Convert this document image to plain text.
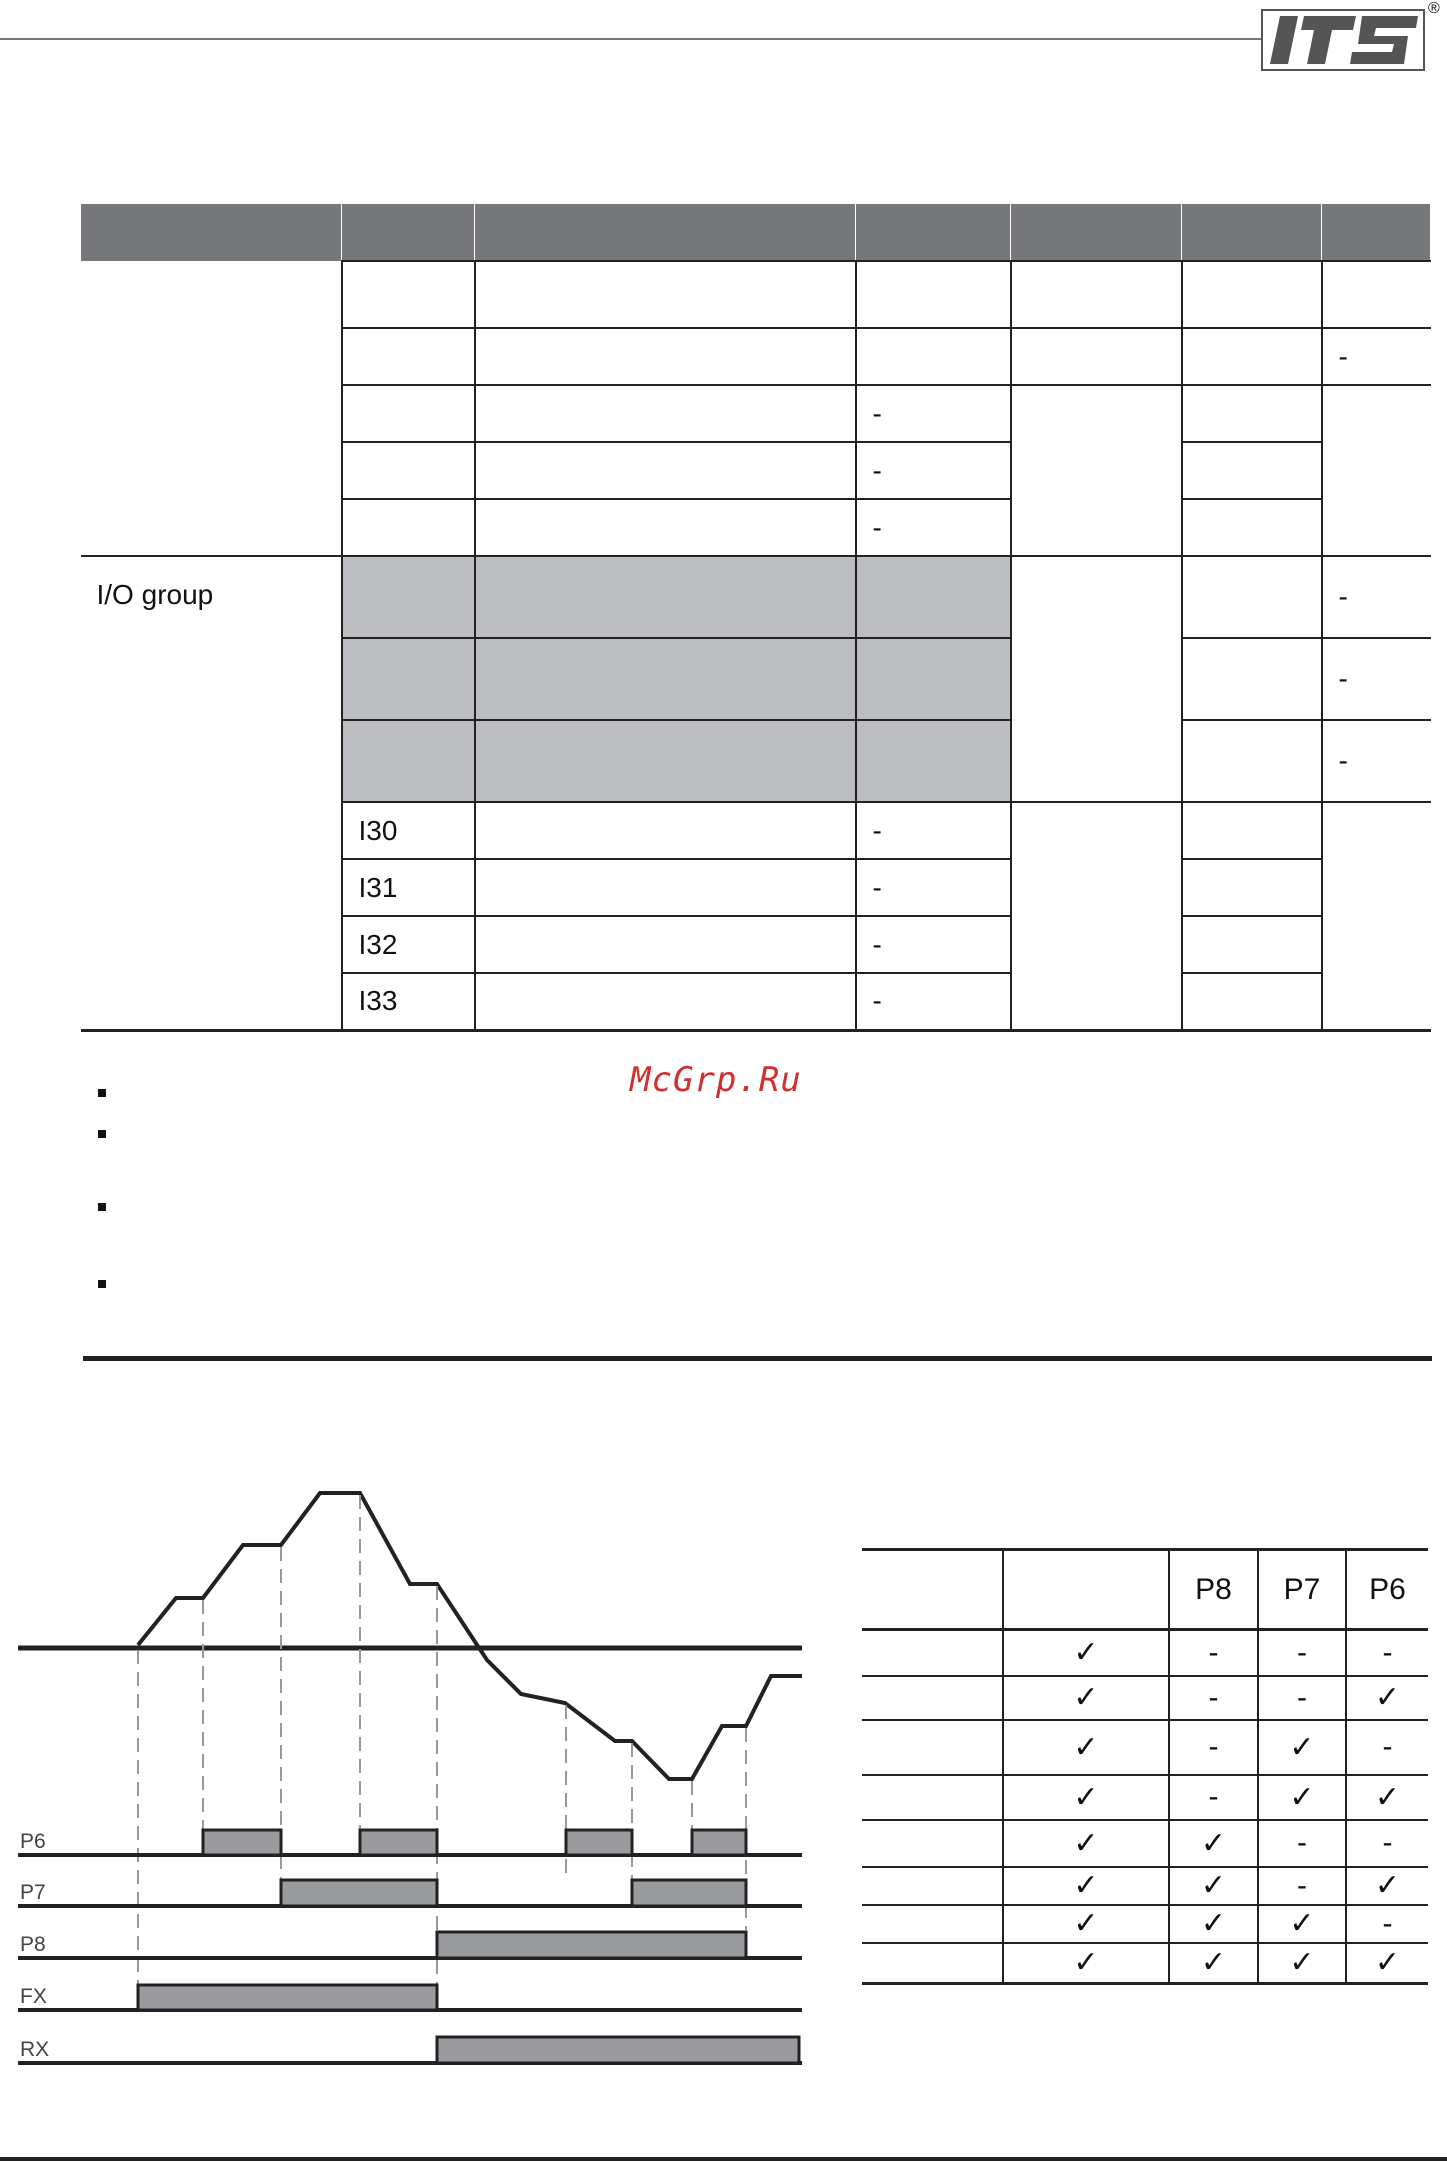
®

						-
			-			
			-			
			-			
I/O group						-
						-
						-
	I30		-			
	I31		-			
	I32		-			
	I33		-			
McGrp.Ru
P6
P7
P8
FX
RX
		P8	P7	P6
	✓	-	-	-
	✓	-	-	✓
	✓	-	✓	-
	✓	-	✓	✓
	✓	✓	-	-
	✓	✓	-	✓
	✓	✓	✓	-
	✓	✓	✓	✓
